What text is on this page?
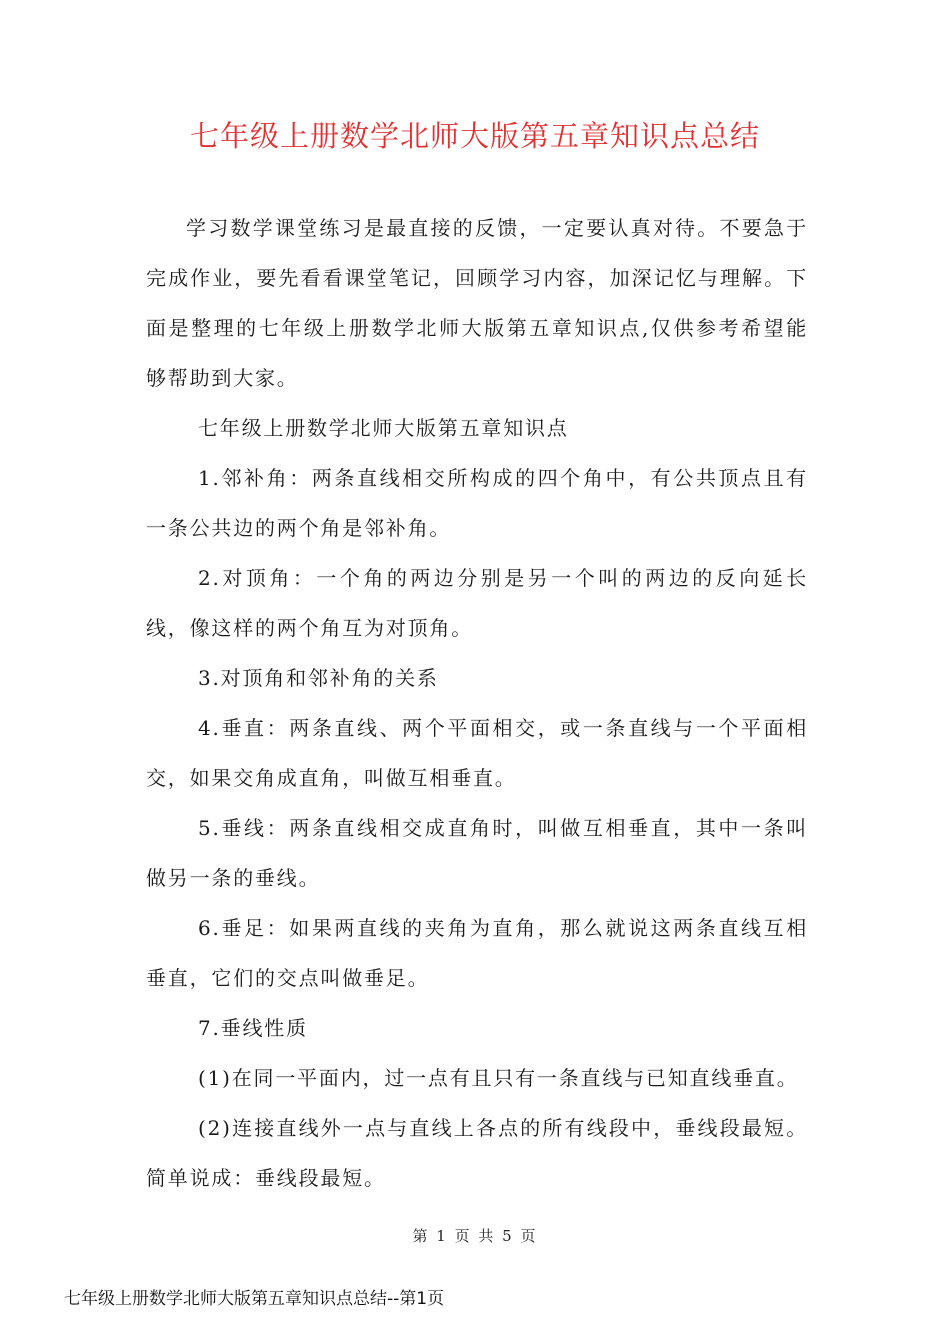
七年级上册数学北师大版第五章知识点总结

学习数学课堂练习是最直接的反馈，一定要认真对待。不要急于完成作业，要先看看课堂笔记，回顾学习内容，加深记忆与理解。下面是整理的七年级上册数学北师大版第五章知识点,仅供参考希望能够帮助到大家。

七年级上册数学北师大版第五章知识点

1.邻补角：两条直线相交所构成的四个角中，有公共顶点且有一条公共边的两个角是邻补角。

2.对顶角：一个角的两边分别是另一个叫的两边的反向延长线，像这样的两个角互为对顶角。

3.对顶角和邻补角的关系

4.垂直：两条直线、两个平面相交，或一条直线与一个平面相交，如果交角成直角，叫做互相垂直。

5.垂线：两条直线相交成直角时，叫做互相垂直，其中一条叫做另一条的垂线。

6.垂足：如果两直线的夹角为直角，那么就说这两条直线互相垂直，它们的交点叫做垂足。

7.垂线性质

(1)在同一平面内，过一点有且只有一条直线与已知直线垂直。

(2)连接直线外一点与直线上各点的所有线段中，垂线段最短。简单说成：垂线段最短。

第 1 页 共 5 页
七年级上册数学北师大版第五章知识点总结--第1页
